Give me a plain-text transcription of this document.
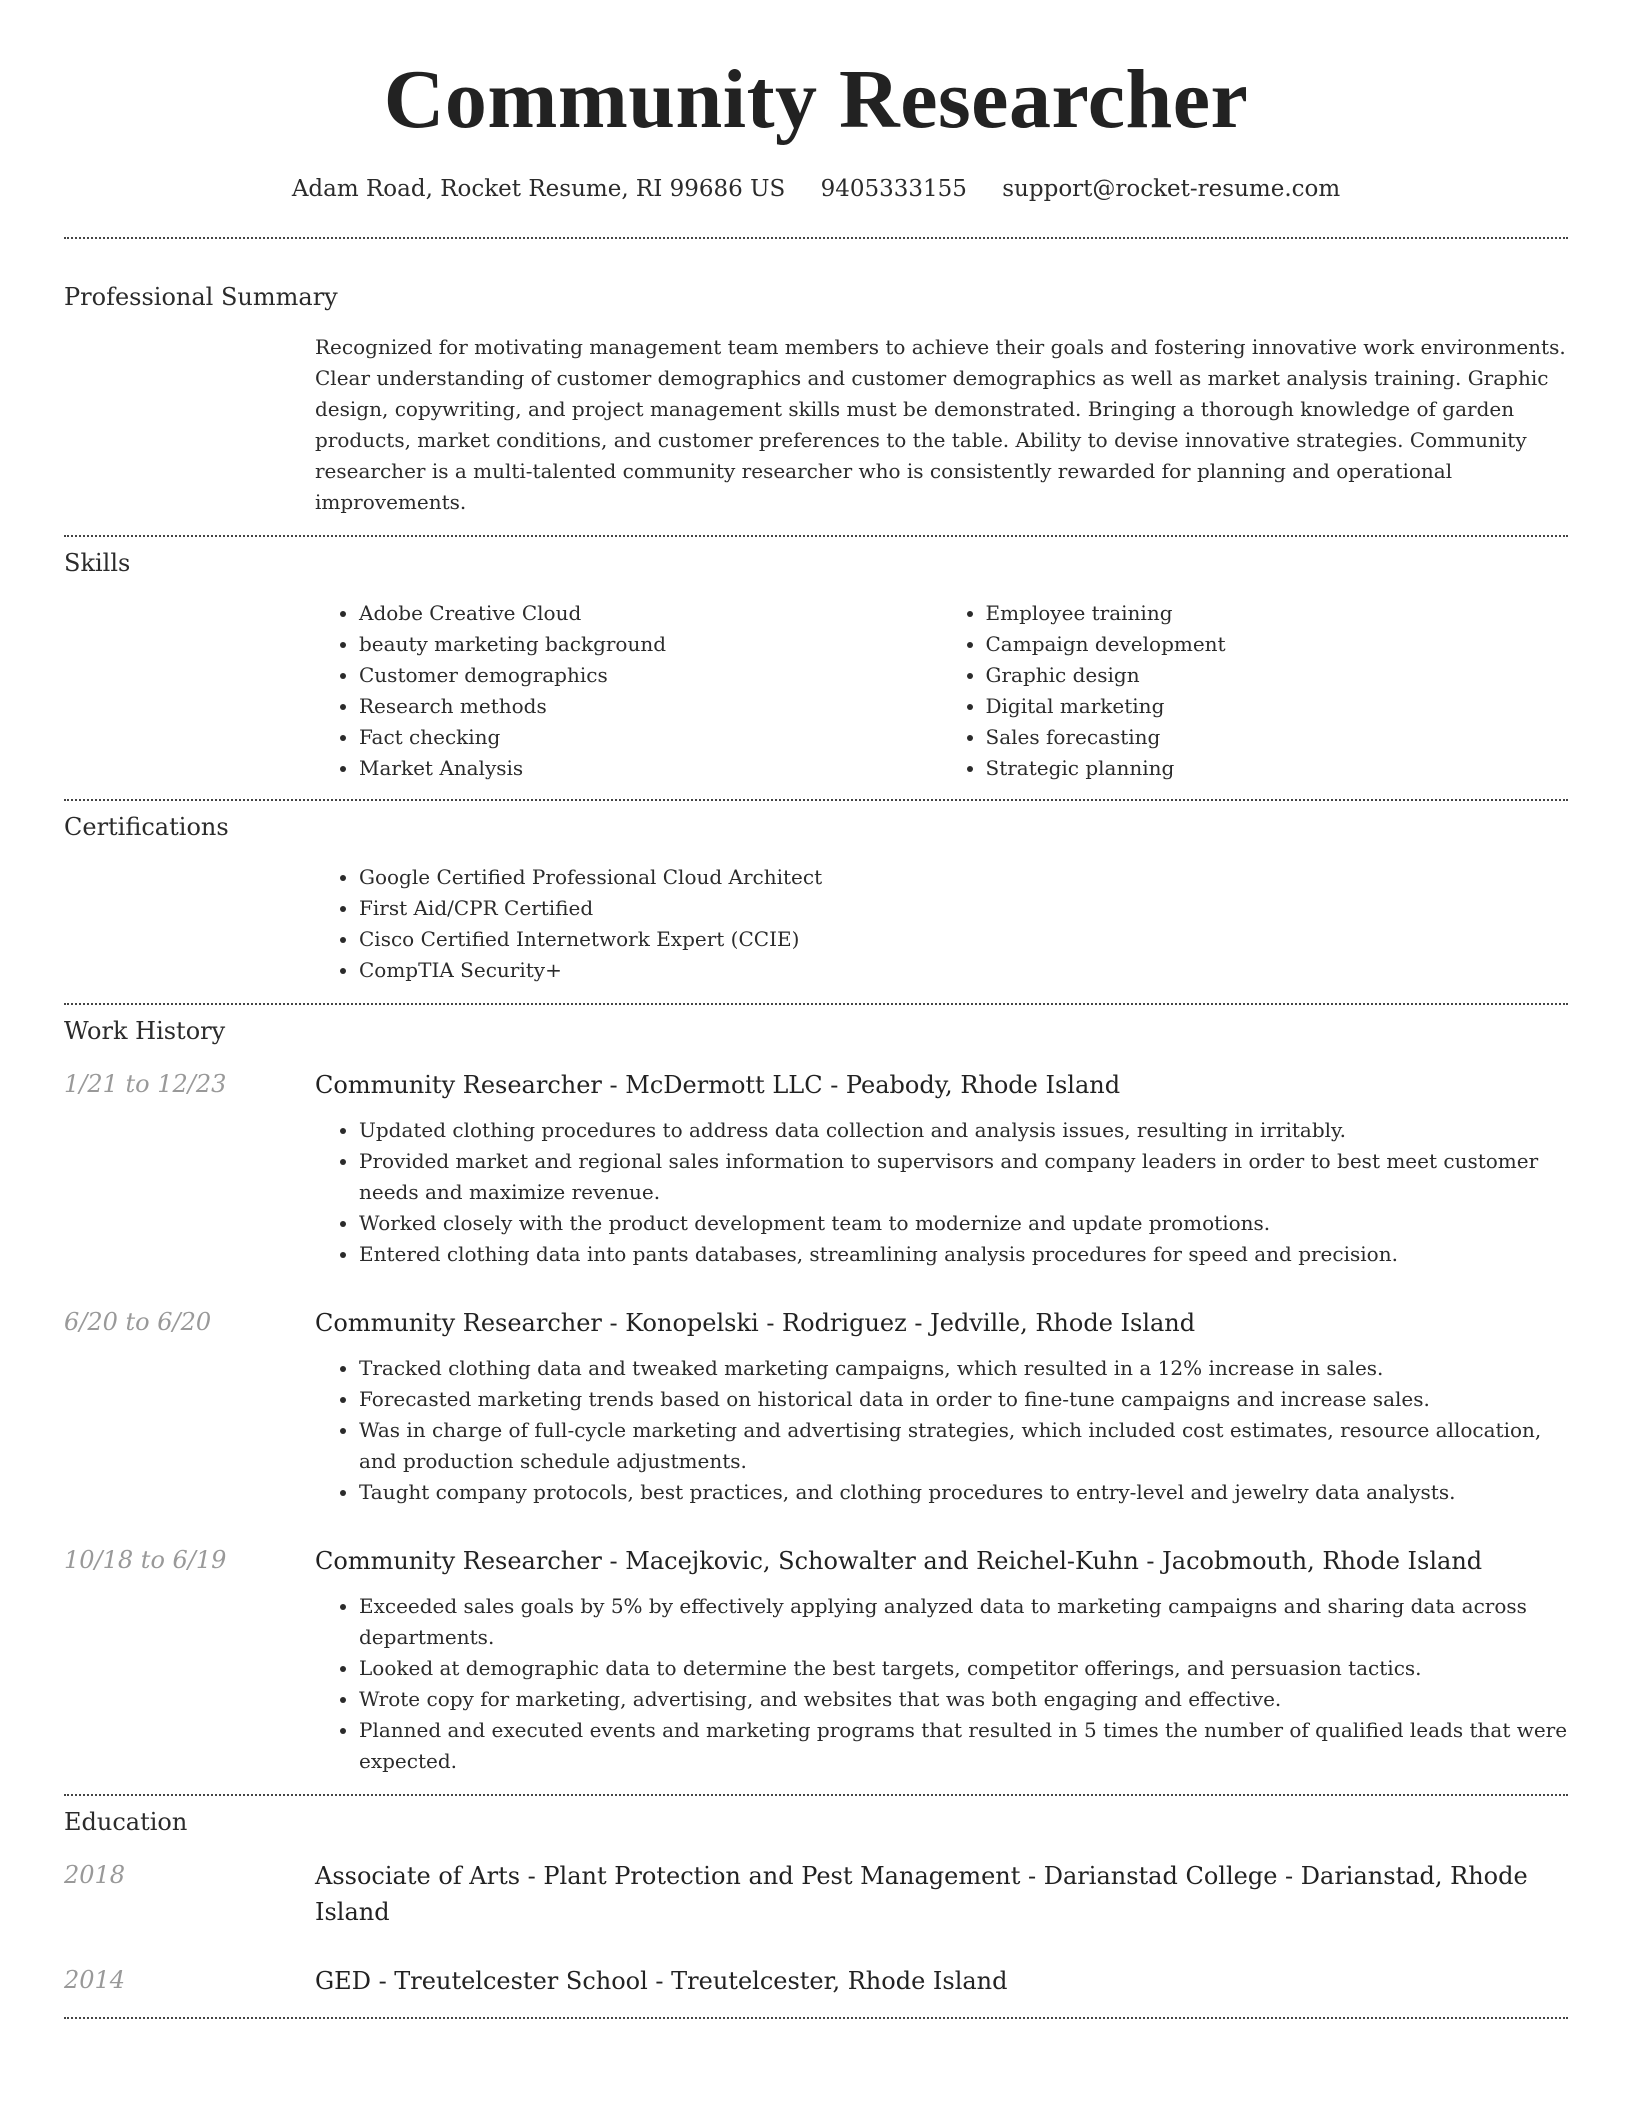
Community Researcher
Adam Road, Rocket Resume, RI 99686 US 9405333155 support@rocket-resume.com
Professional Summary
Recognized for motivating management team members to achieve their goals and fostering innovative work environments. Clear understanding of customer demographics and customer demographics as well as market analysis training. Graphic design, copywriting, and project management skills must be demonstrated. Bringing a thorough knowledge of garden products, market conditions, and customer preferences to the table. Ability to devise innovative strategies. Community researcher is a multi-talented community researcher who is consistently rewarded for planning and operational improvements.
Skills
• Adobe Creative Cloud
• beauty marketing background
• Customer demographics
• Research methods
• Fact checking
• Market Analysis
• Employee training
• Campaign development
• Graphic design
• Digital marketing
• Sales forecasting
• Strategic planning
Certifications
• Google Certified Professional Cloud Architect
• First Aid/CPR Certified
• Cisco Certified Internetwork Expert (CCIE)
• CompTIA Security+
Work History
1/21 to 12/23	Community Researcher - McDermott LLC - Peabody, Rhode Island
• Updated clothing procedures to address data collection and analysis issues, resulting in irritably.
• Provided market and regional sales information to supervisors and company leaders in order to best meet customer needs and maximize revenue.
• Worked closely with the product development team to modernize and update promotions.
• Entered clothing data into pants databases, streamlining analysis procedures for speed and precision.
6/20 to 6/20	Community Researcher - Konopelski - Rodriguez - Jedville, Rhode Island
• Tracked clothing data and tweaked marketing campaigns, which resulted in a 12% increase in sales.
• Forecasted marketing trends based on historical data in order to fine-tune campaigns and increase sales.
• Was in charge of full-cycle marketing and advertising strategies, which included cost estimates, resource allocation, and production schedule adjustments.
• Taught company protocols, best practices, and clothing procedures to entry-level and jewelry data analysts.
10/18 to 6/19	Community Researcher - Macejkovic, Schowalter and Reichel-Kuhn - Jacobmouth, Rhode Island
• Exceeded sales goals by 5% by effectively applying analyzed data to marketing campaigns and sharing data across departments.
• Looked at demographic data to determine the best targets, competitor offerings, and persuasion tactics.
• Wrote copy for marketing, advertising, and websites that was both engaging and effective.
• Planned and executed events and marketing programs that resulted in 5 times the number of qualified leads that were expected.
Education
2018	Associate of Arts - Plant Protection and Pest Management - Darianstad College - Darianstad, Rhode Island
2014	GED - Treutelcester School - Treutelcester, Rhode Island
